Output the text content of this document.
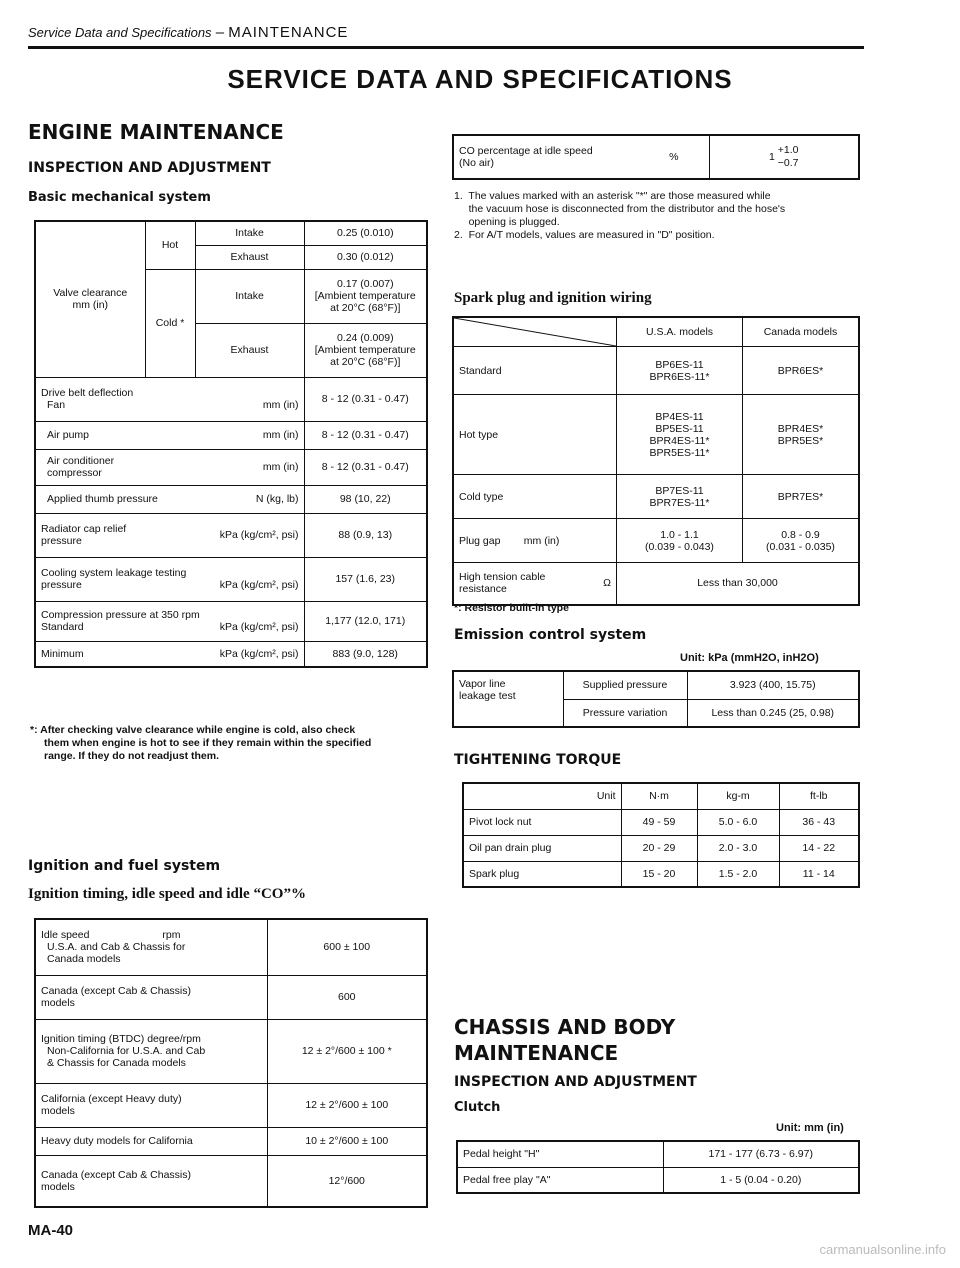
Service Data and Specifications – MAINTENANCE
SERVICE DATA AND SPECIFICATIONS
ENGINE MAINTENANCE
INSPECTION AND ADJUSTMENT
Basic mechanical system
Valve clearance
mm (in)	Hot	Intake	0.25 (0.010)
		Exhaust	0.30 (0.012)
	Cold *	Intake	0.17 (0.007)
[Ambient temperature
at 20°C (68°F)]

		Exhaust	0.24 (0.009)
[Ambient temperature
at 20°C (68°F)]

Drive belt deflection
Fan mm (in)			8 - 12 (0.31 - 0.47)

Air pump mm (in)			8 - 12 (0.31 - 0.47)

Air conditioner
compressor mm (in)			8 - 12 (0.31 - 0.47)

Applied thumb pressure N (kg, lb)			98 (10, 22)

Radiator cap relief
pressure kPa (kg/cm², psi)			88 (0.9, 13)

Cooling system leakage testing
pressure kPa (kg/cm², psi)			157 (1.6, 23)

Compression pressure at 350 rpm
Standard kPa (kg/cm², psi)			1,177 (12.0, 171)

Minimum kPa (kg/cm², psi)			883 (9.0, 128)
*: After checking valve clearance while engine is cold, also check
them when engine is hot to see if they remain within the specified
range. If they do not readjust them.
Ignition and fuel system
Ignition timing, idle speed and idle “CO”%
Idle speed                         rpm
U.S.A. and Cab & Chassis for
Canada models	600 ± 100

Canada (except Cab & Chassis)
models	600

Ignition timing (BTDC) degree/rpm
Non-California for U.S.A. and Cab
& Chassis for Canada models	12 ± 2°/600 ± 100 *

California (except Heavy duty)
models	12 ± 2°/600 ± 100

Heavy duty models for California	10 ± 2°/600 ± 100

Canada (except Cab & Chassis)
models	12°/600
MA-40
CO percentage at idle speed
(No air)	%	1
+1.0
−0.7
1.  The values marked with an asterisk "*" are those measured while
the vacuum hose is disconnected from the distributor and the hose's
opening is plugged.
2.  For A/T models, values are measured in "D" position.
Spark plug and ignition wiring
	U.S.A. models	Canada models
Standard	BP6ES-11
BPR6ES-11*	BPR6ES*

Hot type	BP4ES-11
BP5ES-11
BPR4ES-11*
BPR5ES-11*	BPR4ES*
BPR5ES*

Cold type	BP7ES-11
BPR7ES-11*	BPR7ES*

Plug gap        mm (in)	1.0 - 1.1
(0.039 - 0.043)	0.8 - 0.9
(0.031 - 0.035)

High tension cable
resistance Ω	Less than 30,000	
*: Resistor built-in type
Emission control system
Unit: kPa (mmH2O, inH2O)
Vapor line
leakage test	Supplied pressure	3.923 (400, 15.75)
	Pressure variation	Less than 0.245 (25, 0.98)
TIGHTENING TORQUE
Unit	N·m	kg-m	ft-lb
Pivot lock nut	49 - 59	5.0 - 6.0	36 - 43
Oil pan drain plug	20 - 29	2.0 - 3.0	14 - 22
Spark plug	15 - 20	1.5 - 2.0	11 - 14
CHASSIS AND BODY
MAINTENANCE
INSPECTION AND ADJUSTMENT
Clutch
Unit: mm (in)
Pedal height "H"	171 - 177 (6.73 - 6.97)
Pedal free play "A"	1 - 5 (0.04 - 0.20)
carmanualsonline.info
